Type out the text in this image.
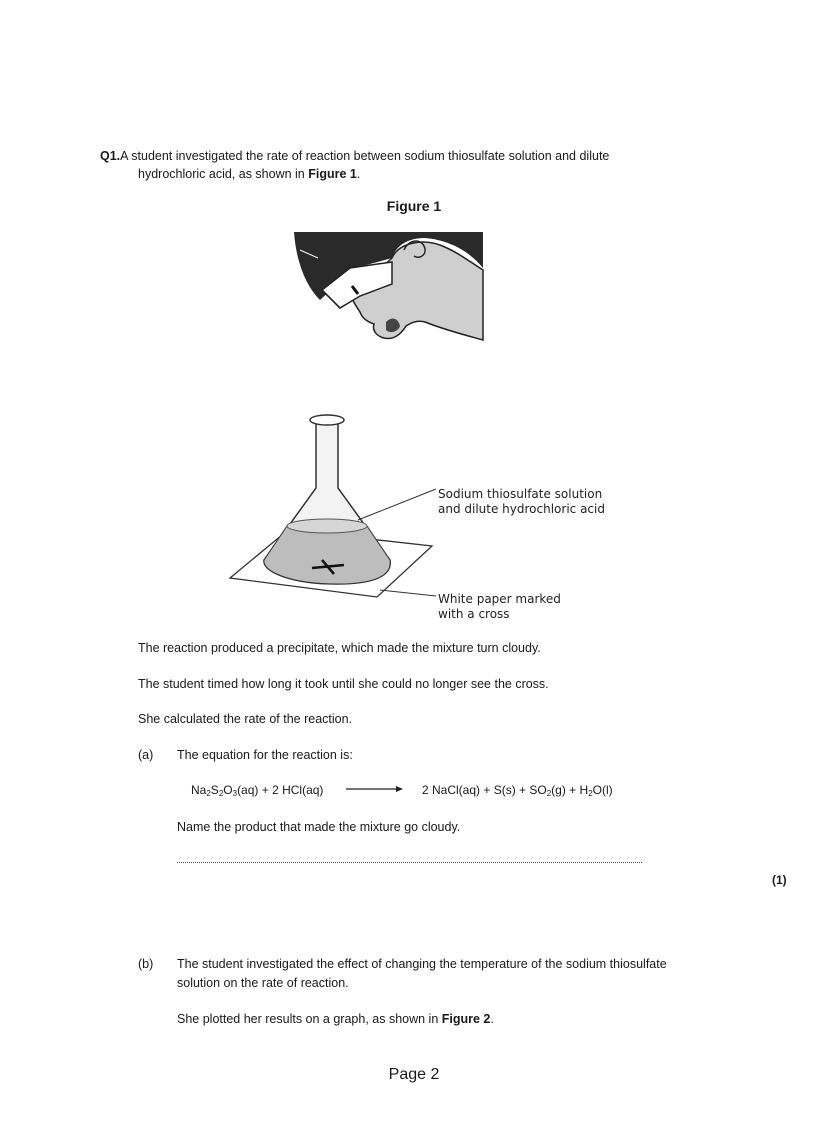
Q1.A student investigated the rate of reaction between sodium thiosulfate solution and dilute
hydrochloric acid, as shown in Figure 1.
Figure 1
Sodium thiosulfate solution
and dilute hydrochloric acid
White paper marked
with a cross
The reaction produced a precipitate, which made the mixture turn cloudy.
The student timed how long it took until she could no longer see the cross.
She calculated the rate of the reaction.
(a) The equation for the reaction is:
$Na_2S_2O_3(aq) + 2$ HCl(aq) → 2 NaCl(aq) + $S(s) + SO_2(g) + H_2O(l)$
Name the product that made the mixture go cloudy.
(1)
(b) The student investigated the effect of changing the temperature of the sodium thiosulfate
solution on the rate of reaction.
She plotted her results on a graph, as shown in Figure 2.
Page 2
